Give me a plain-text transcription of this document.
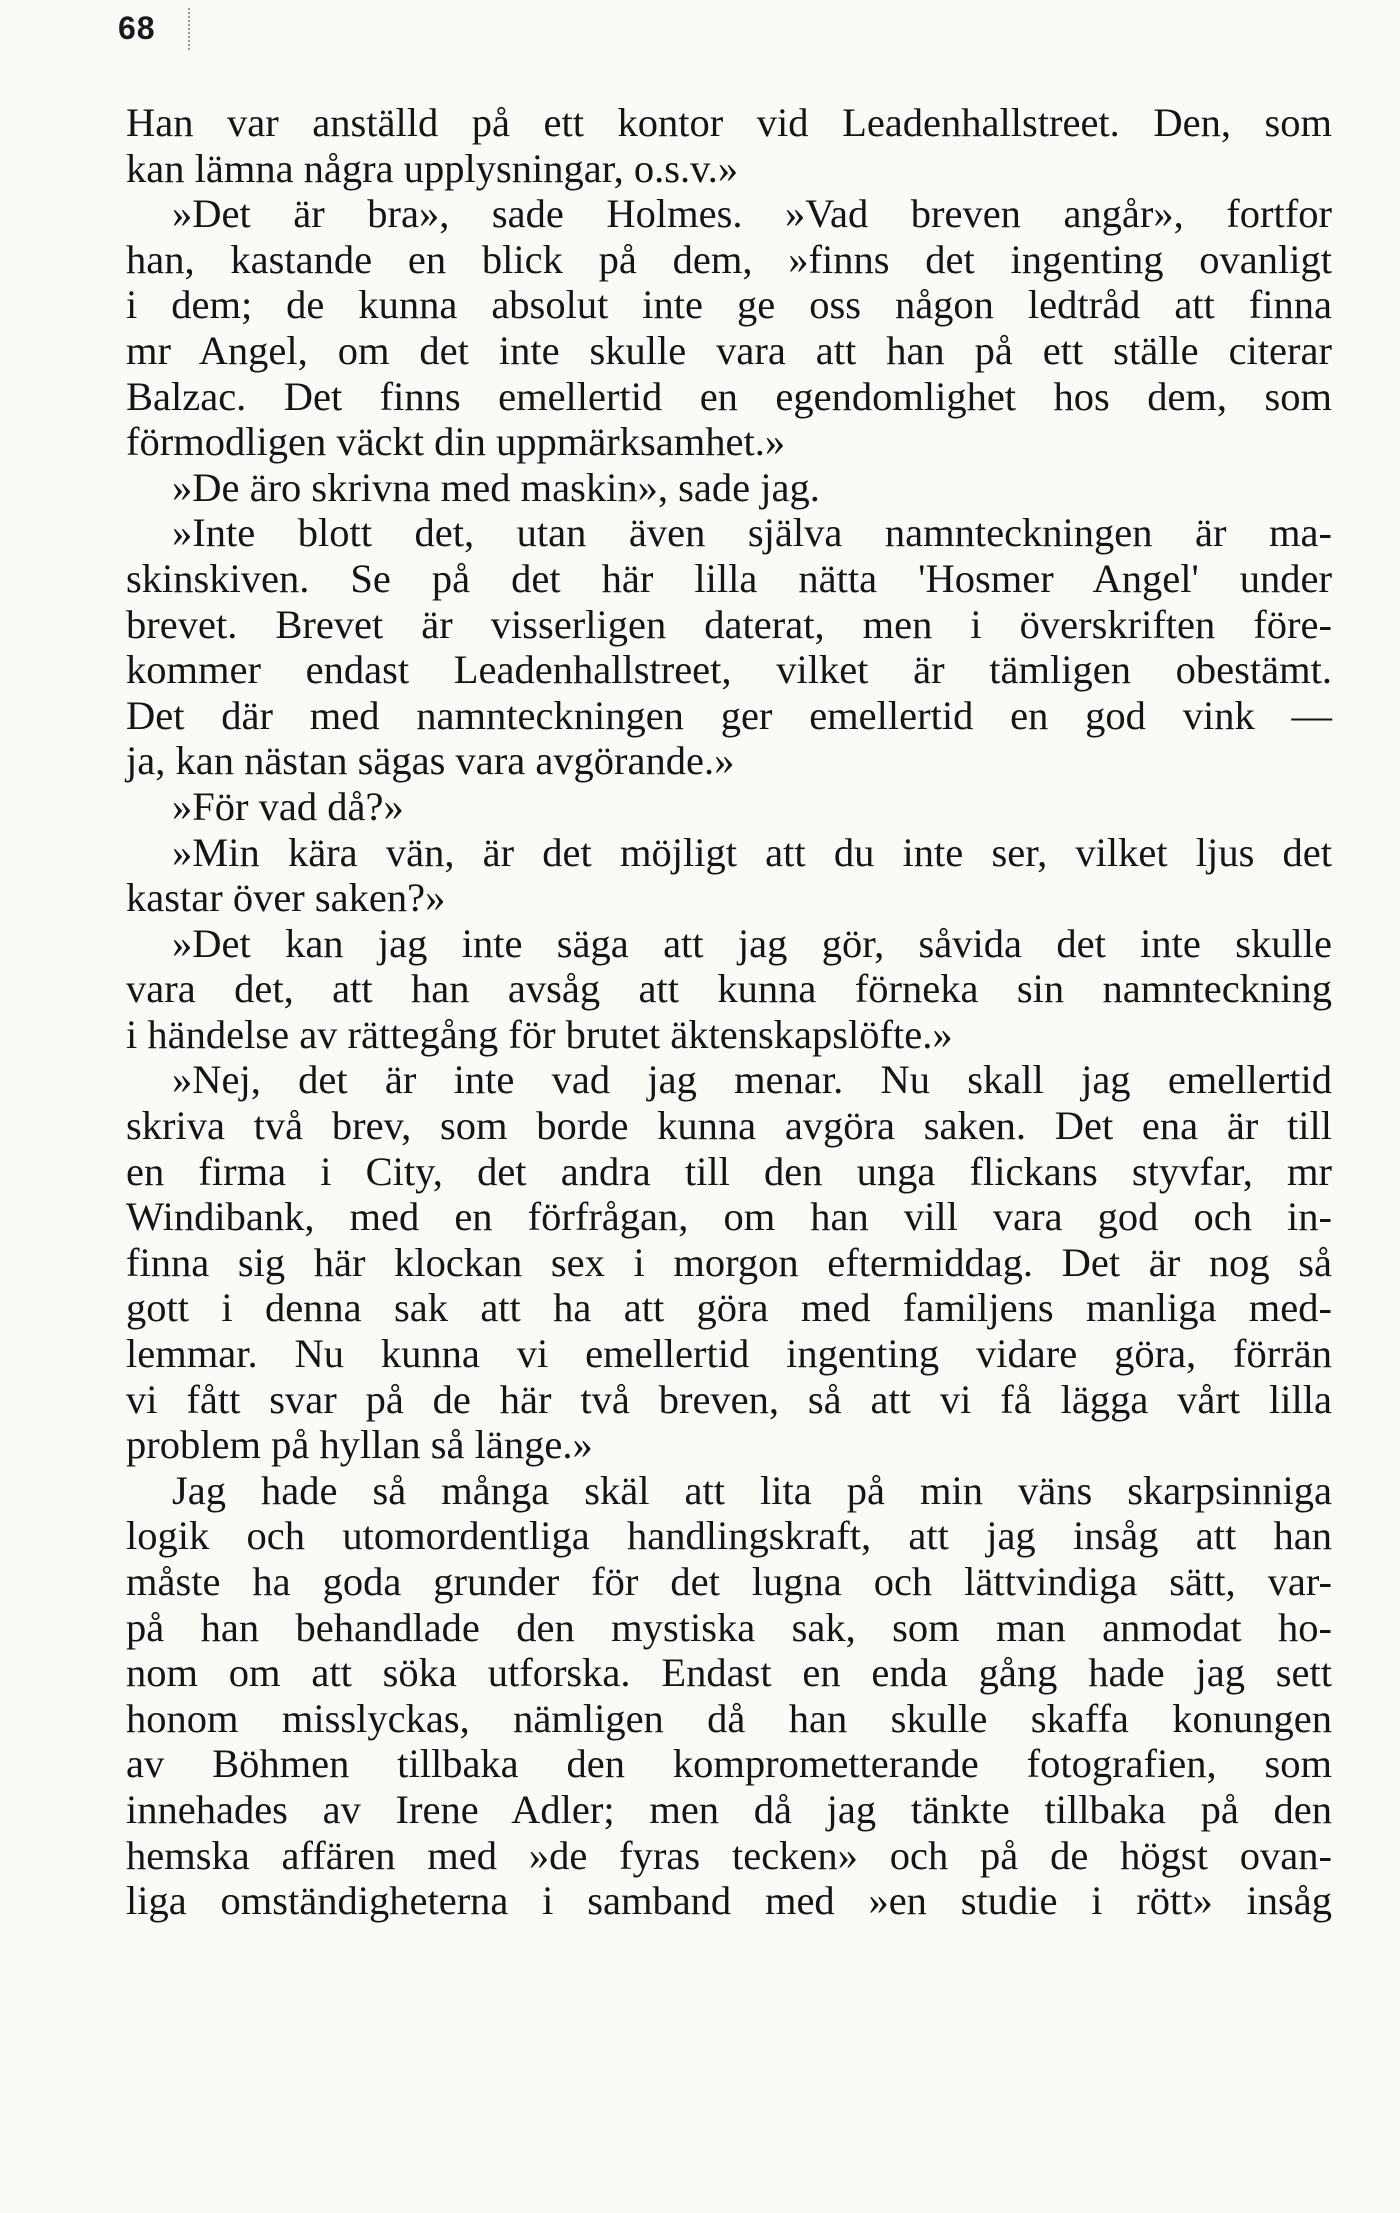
68
Han var anställd på ett kontor vid Leadenhallstreet. Den, som
kan lämna några upplysningar, o.s.v.»
»Det är bra», sade Holmes. »Vad breven angår», fortfor
han, kastande en blick på dem, »finns det ingenting ovanligt
i dem; de kunna absolut inte ge oss någon ledtråd att finna
mr Angel, om det inte skulle vara att han på ett ställe citerar
Balzac. Det finns emellertid en egendomlighet hos dem, som
förmodligen väckt din uppmärksamhet.»
»De äro skrivna med maskin», sade jag.
»Inte blott det, utan även själva namnteckningen är ma-
skinskiven. Se på det här lilla nätta 'Hosmer Angel' under
brevet. Brevet är visserligen daterat, men i överskriften före-
kommer endast Leadenhallstreet, vilket är tämligen obestämt.
Det där med namnteckningen ger emellertid en god vink —
ja, kan nästan sägas vara avgörande.»
»För vad då?»
»Min kära vän, är det möjligt att du inte ser, vilket ljus det
kastar över saken?»
»Det kan jag inte säga att jag gör, såvida det inte skulle
vara det, att han avsåg att kunna förneka sin namnteckning
i händelse av rättegång för brutet äktenskapslöfte.»
»Nej, det är inte vad jag menar. Nu skall jag emellertid
skriva två brev, som borde kunna avgöra saken. Det ena är till
en firma i City, det andra till den unga flickans styvfar, mr
Windibank, med en förfrågan, om han vill vara god och in-
finna sig här klockan sex i morgon eftermiddag. Det är nog så
gott i denna sak att ha att göra med familjens manliga med-
lemmar. Nu kunna vi emellertid ingenting vidare göra, förrän
vi fått svar på de här två breven, så att vi få lägga vårt lilla
problem på hyllan så länge.»
Jag hade så många skäl att lita på min väns skarpsinniga
logik och utomordentliga handlingskraft, att jag insåg att han
måste ha goda grunder för det lugna och lättvindiga sätt, var-
på han behandlade den mystiska sak, som man anmodat ho-
nom om att söka utforska. Endast en enda gång hade jag sett
honom misslyckas, nämligen då han skulle skaffa konungen
av Böhmen tillbaka den komprometterande fotografien, som
innehades av Irene Adler; men då jag tänkte tillbaka på den
hemska affären med »de fyras tecken» och på de högst ovan-
liga omständigheterna i samband med »en studie i rött» insåg
